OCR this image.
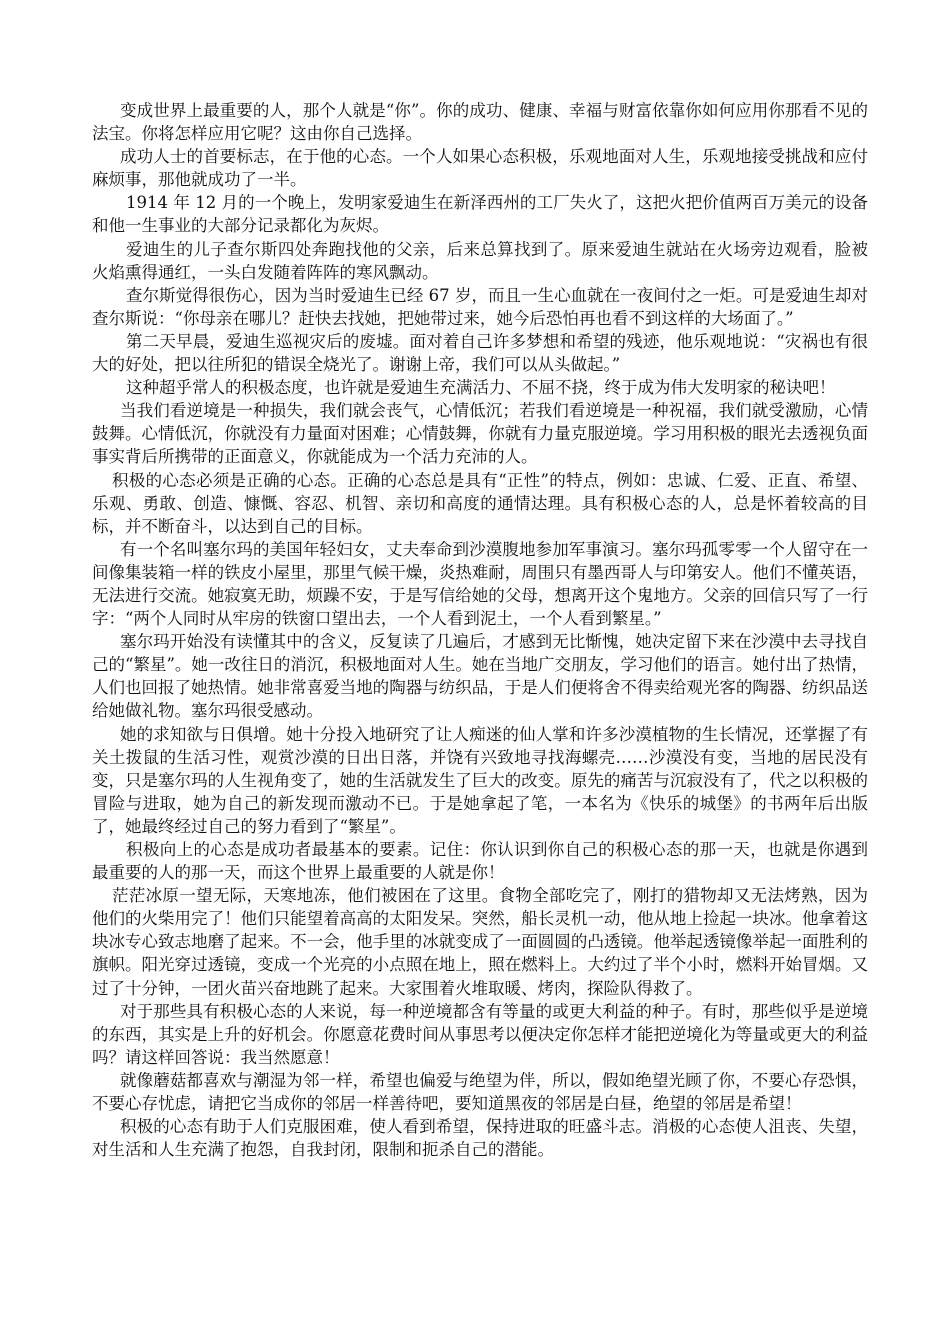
变成世界上最重要的人，那个人就是“你”。你的成功、健康、幸福与财富依靠你如何应用你那看不见的法宝。你将怎样应用它呢？这由你自己选择。

成功人士的首要标志，在于他的心态。一个人如果心态积极，乐观地面对人生，乐观地接受挑战和应付麻烦事，那他就成功了一半。

1914 年 12 月的一个晚上，发明家爱迪生在新泽西州的工厂失火了，这把火把价值两百万美元的设备和他一生事业的大部分记录都化为灰烬。

爱迪生的儿子查尔斯四处奔跑找他的父亲，后来总算找到了。原来爱迪生就站在火场旁边观看，脸被火焰熏得通红，一头白发随着阵阵的寒风飘动。

查尔斯觉得很伤心，因为当时爱迪生已经 67 岁，而且一生心血就在一夜间付之一炬。可是爱迪生却对查尔斯说：“你母亲在哪儿？赶快去找她，把她带过来，她今后恐怕再也看不到这样的大场面了。”

第二天早晨，爱迪生巡视灾后的废墟。面对着自己许多梦想和希望的残迹，他乐观地说：“灾祸也有很大的好处，把以往所犯的错误全烧光了。谢谢上帝，我们可以从头做起。”

这种超乎常人的积极态度，也许就是爱迪生充满活力、不屈不挠，终于成为伟大发明家的秘诀吧！

当我们看逆境是一种损失，我们就会丧气，心情低沉；若我们看逆境是一种祝福，我们就受激励，心情鼓舞。心情低沉，你就没有力量面对困难；心情鼓舞，你就有力量克服逆境。学习用积极的眼光去透视负面事实背后所携带的正面意义，你就能成为一个活力充沛的人。

积极的心态必须是正确的心态。正确的心态总是具有“正性”的特点，例如：忠诚、仁爱、正直、希望、乐观、勇敢、创造、慷慨、容忍、机智、亲切和高度的通情达理。具有积极心态的人，总是怀着较高的目标，并不断奋斗，以达到自己的目标。

有一个名叫塞尔玛的美国年轻妇女，丈夫奉命到沙漠腹地参加军事演习。塞尔玛孤零零一个人留守在一间像集装箱一样的铁皮小屋里，那里气候干燥，炎热难耐，周围只有墨西哥人与印第安人。他们不懂英语，无法进行交流。她寂寞无助，烦躁不安，于是写信给她的父母，想离开这个鬼地方。父亲的回信只写了一行字：“两个人同时从牢房的铁窗口望出去，一个人看到泥土，一个人看到繁星。”

塞尔玛开始没有读懂其中的含义，反复读了几遍后，才感到无比惭愧，她决定留下来在沙漠中去寻找自己的“繁星”。她一改往日的消沉，积极地面对人生。她在当地广交朋友，学习他们的语言。她付出了热情，人们也回报了她热情。她非常喜爱当地的陶器与纺织品，于是人们便将舍不得卖给观光客的陶器、纺织品送给她做礼物。塞尔玛很受感动。

她的求知欲与日俱增。她十分投入地研究了让人痴迷的仙人掌和许多沙漠植物的生长情况，还掌握了有关土拨鼠的生活习性，观赏沙漠的日出日落，并饶有兴致地寻找海螺壳……沙漠没有变，当地的居民没有变，只是塞尔玛的人生视角变了，她的生活就发生了巨大的改变。原先的痛苦与沉寂没有了，代之以积极的冒险与进取，她为自己的新发现而激动不已。于是她拿起了笔，一本名为《快乐的城堡》的书两年后出版了，她最终经过自己的努力看到了“繁星”。

积极向上的心态是成功者最基本的要素。记住：你认识到你自己的积极心态的那一天，也就是你遇到最重要的人的那一天，而这个世界上最重要的人就是你！

茫茫冰原一望无际，天寒地冻，他们被困在了这里。食物全部吃完了，刚打的猎物却又无法烤熟，因为他们的火柴用完了！他们只能望着高高的太阳发呆。突然，船长灵机一动，他从地上捡起一块冰。他拿着这块冰专心致志地磨了起来。不一会，他手里的冰就变成了一面圆圆的凸透镜。他举起透镜像举起一面胜利的旗帜。阳光穿过透镜，变成一个光亮的小点照在地上，照在燃料上。大约过了半个小时，燃料开始冒烟。又过了十分钟，一团火苗兴奋地跳了起来。大家围着火堆取暖、烤肉，探险队得救了。

对于那些具有积极心态的人来说，每一种逆境都含有等量的或更大利益的种子。有时，那些似乎是逆境的东西，其实是上升的好机会。你愿意花费时间从事思考以便决定你怎样才能把逆境化为等量或更大的利益吗？请这样回答说：我当然愿意！

就像蘑菇都喜欢与潮湿为邻一样，希望也偏爱与绝望为伴，所以，假如绝望光顾了你，不要心存恐惧，不要心存忧虑，请把它当成你的邻居一样善待吧，要知道黑夜的邻居是白昼，绝望的邻居是希望！

积极的心态有助于人们克服困难，使人看到希望，保持进取的旺盛斗志。消极的心态使人沮丧、失望，对生活和人生充满了抱怨，自我封闭，限制和扼杀自己的潜能。
